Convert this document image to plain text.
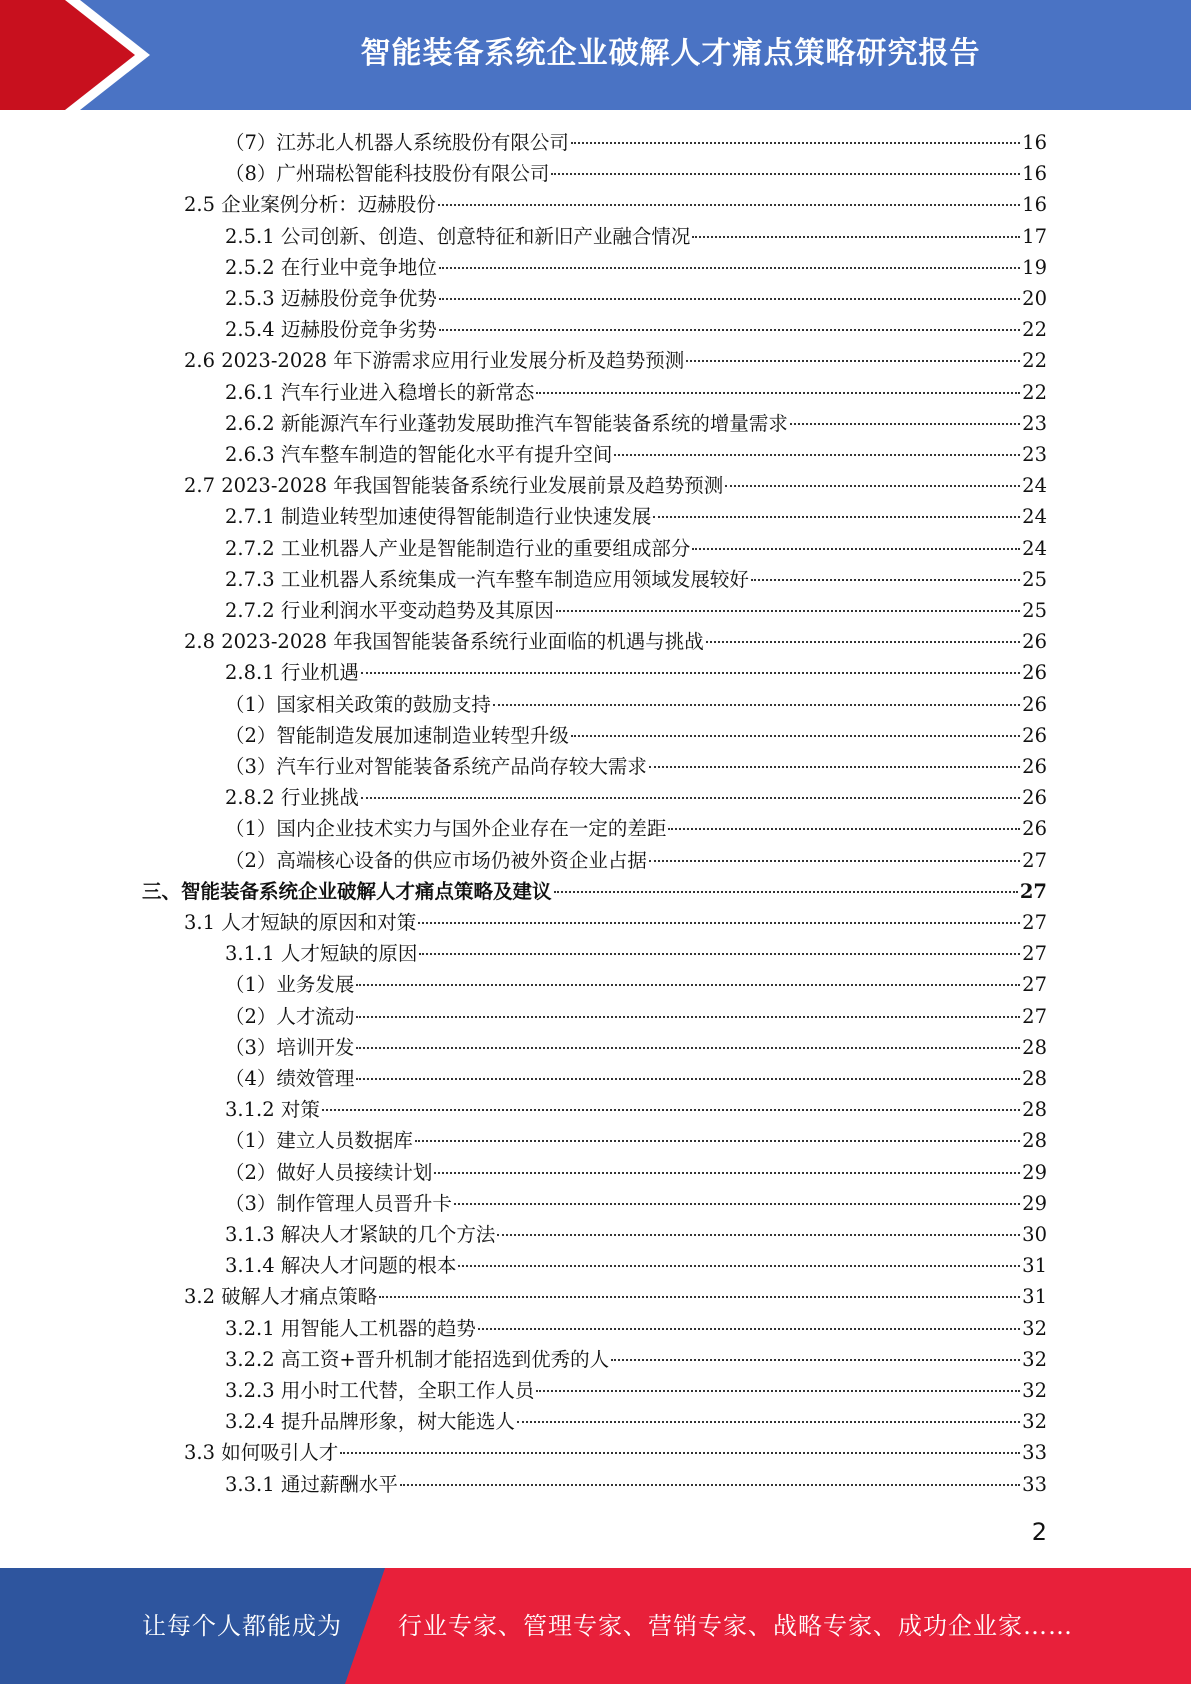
智能装备系统企业破解人才痛点策略研究报告
（7）江苏北人机器人系统股份有限公司	16
（8）广州瑞松智能科技股份有限公司	16
2.5 企业案例分析：迈赫股份	16
2.5.1 公司创新、创造、创意特征和新旧产业融合情况	17
2.5.2 在行业中竞争地位	19
2.5.3 迈赫股份竞争优势	20
2.5.4 迈赫股份竞争劣势	22
2.6 2023-2028 年下游需求应用行业发展分析及趋势预测	22
2.6.1 汽车行业进入稳增长的新常态	22
2.6.2 新能源汽车行业蓬勃发展助推汽车智能装备系统的增量需求	23
2.6.3 汽车整车制造的智能化水平有提升空间	23
2.7 2023-2028 年我国智能装备系统行业发展前景及趋势预测	24
2.7.1 制造业转型加速使得智能制造行业快速发展	24
2.7.2 工业机器人产业是智能制造行业的重要组成部分	24
2.7.3 工业机器人系统集成一汽车整车制造应用领域发展较好	25
2.7.2 行业利润水平变动趋势及其原因	25
2.8 2023-2028 年我国智能装备系统行业面临的机遇与挑战	26
2.8.1 行业机遇	26
（1）国家相关政策的鼓励支持	26
（2）智能制造发展加速制造业转型升级	26
（3）汽车行业对智能装备系统产品尚存较大需求	26
2.8.2 行业挑战	26
（1）国内企业技术实力与国外企业存在一定的差距	26
（2）高端核心设备的供应市场仍被外资企业占据	27
三、智能装备系统企业破解人才痛点策略及建议	27
3.1 人才短缺的原因和对策	27
3.1.1 人才短缺的原因	27
（1）业务发展	27
（2）人才流动	27
（3）培训开发	28
（4）绩效管理	28
3.1.2 对策	28
（1）建立人员数据库	28
（2）做好人员接续计划	29
（3）制作管理人员晋升卡	29
3.1.3 解决人才紧缺的几个方法	30
3.1.4 解决人才问题的根本	31
3.2 破解人才痛点策略	31
3.2.1 用智能人工机器的趋势	32
3.2.2 高工资+晋升机制才能招选到优秀的人	32
3.2.3 用小时工代替，全职工作人员	32
3.2.4 提升品牌形象，树大能选人	32
3.3 如何吸引人才	33
3.3.1 通过薪酬水平	33
2
让每个人都能成为 行业专家、管理专家、营销专家、战略专家、成功企业家……
